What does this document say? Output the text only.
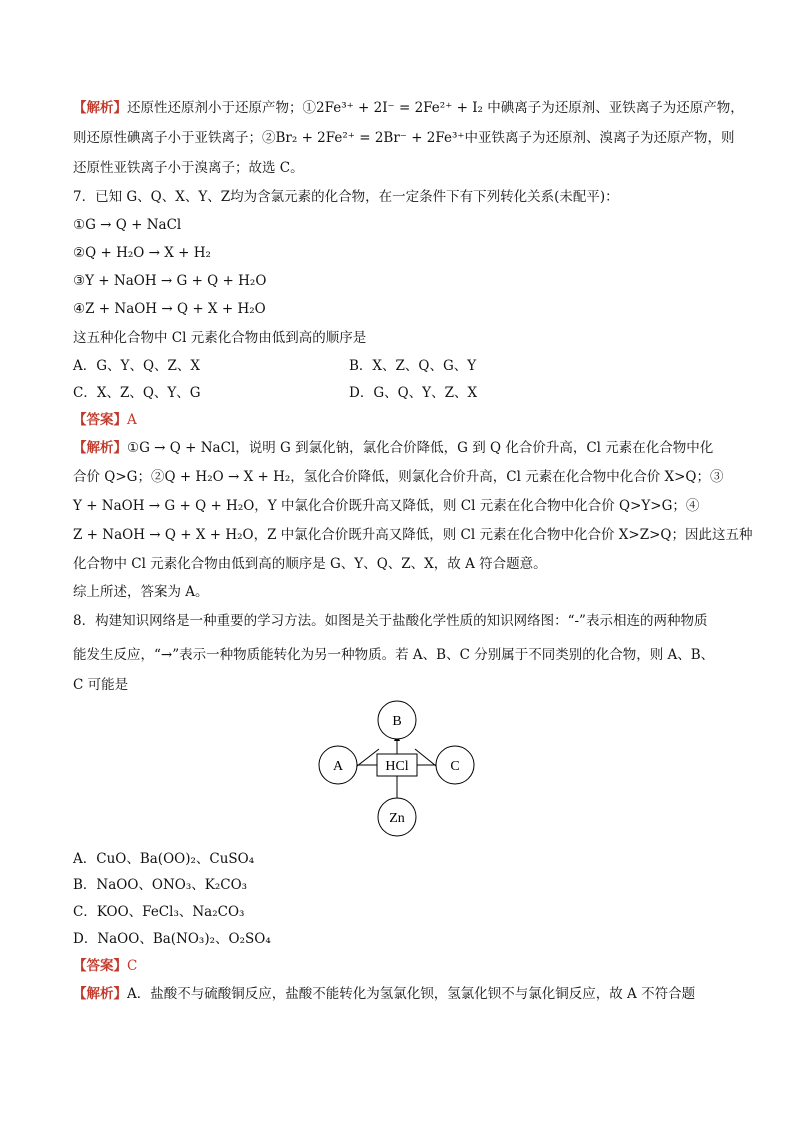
【解析】还原性还原剂小于还原产物；①2Fe³⁺ + 2I⁻ = 2Fe²⁺ + I₂ 中碘离子为还原剂、亚铁离子为还原产物，
则还原性碘离子小于亚铁离子；②Br₂ + 2Fe²⁺ = 2Br⁻ + 2Fe³⁺中亚铁离子为还原剂、溴离子为还原产物，则
还原性亚铁离子小于溴离子；故选 C。
7．已知 G、Q、X、Y、Z均为含氯元素的化合物，在一定条件下有下列转化关系(未配平)：
①G → Q + NaCl
②Q + H₂O → X + H₂
③Y + NaOH → G + Q + H₂O
④Z + NaOH → Q + X + H₂O
这五种化合物中 Cl 元素化合物由低到高的顺序是
A．G、Y、Q、Z、X	B．X、Z、Q、G、Y
C．X、Z、Q、Y、G	D．G、Q、Y、Z、X
【答案】A
【解析】①G → Q + NaCl，说明 G 到氯化钠，氯化合价降低，G 到 Q 化合价升高，Cl 元素在化合物中化
合价 Q>G；②Q + H₂O → X + H₂，氢化合价降低，则氯化合价升高，Cl 元素在化合物中化合价 X>Q；③
Y + NaOH → G + Q + H₂O，Y 中氯化合价既升高又降低，则 Cl 元素在化合物中化合价 Q>Y>G；④
Z + NaOH → Q + X + H₂O，Z 中氯化合价既升高又降低，则 Cl 元素在化合物中化合价 X>Z>Q；因此这五种
化合物中 Cl 元素化合物由低到高的顺序是 G、Y、Q、Z、X，故 A 符合题意。
综上所述，答案为 A。
8．构建知识网络是一种重要的学习方法。如图是关于盐酸化学性质的知识网络图：“-”表示相连的两种物质
能发生反应，“→”表示一种物质能转化为另一种物质。若 A、B、C 分别属于不同类别的化合物，则 A、B、
C 可能是
B
A	C
HCl
Zn
A．CuO、Ba(OO)₂、CuSO₄
B．NaOO、ONO₃、K₂CO₃
C．KOO、FeCl₃、Na₂CO₃
D．NaOO、Ba(NO₃)₂、O₂SO₄
【答案】C
【解析】A．盐酸不与硫酸铜反应，盐酸不能转化为氢氯化钡，氢氯化钡不与氯化铜反应，故 A 不符合题
